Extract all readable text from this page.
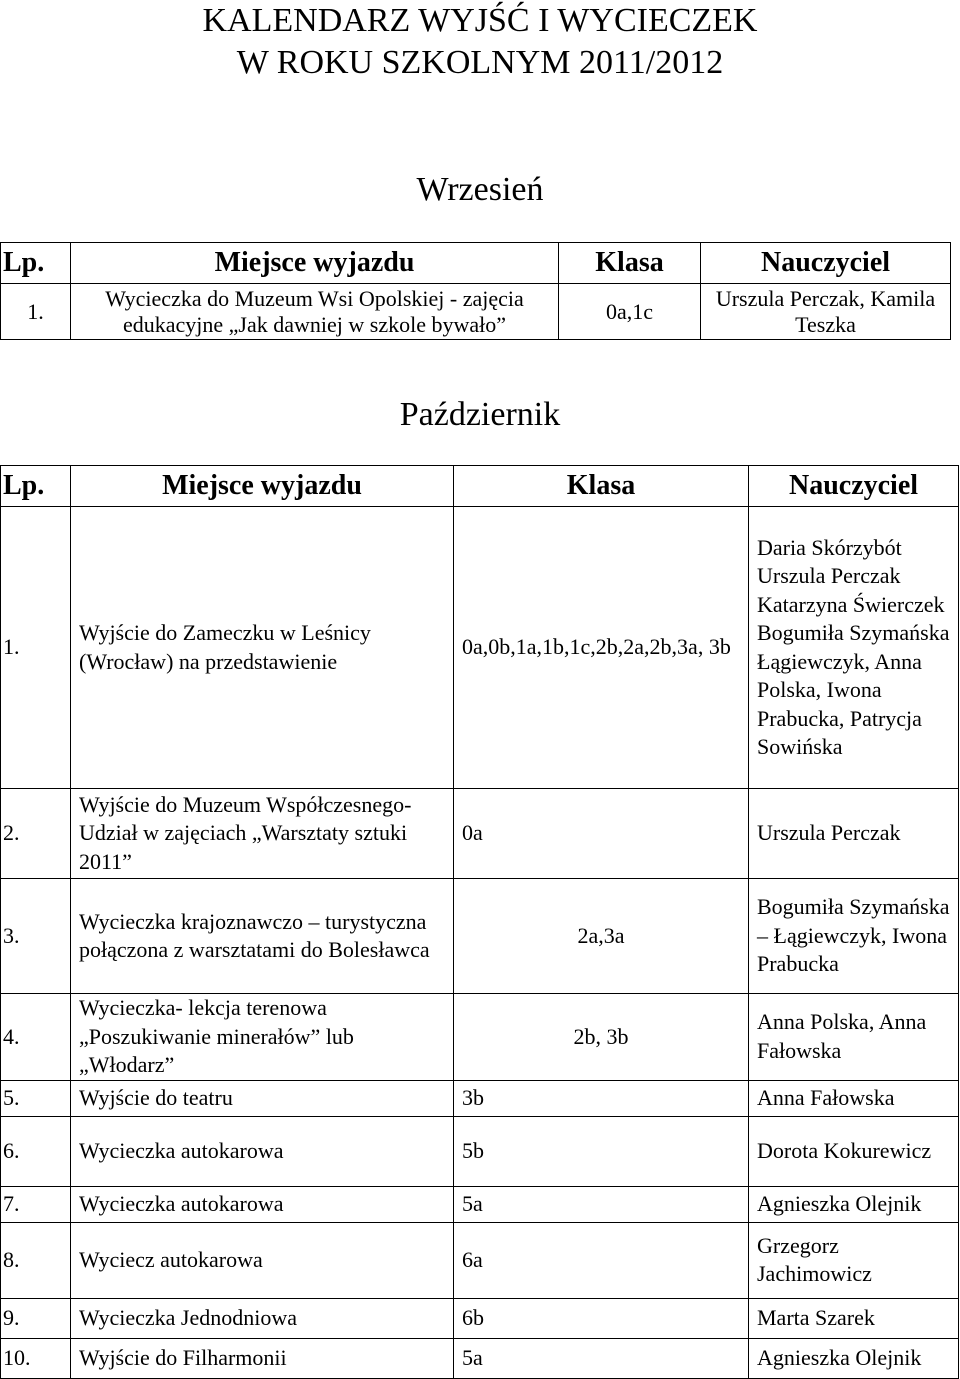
KALENDARZ WYJŚĆ I WYCIECZEK
W ROKU SZKOLNYM 2011/2012
Wrzesień
Lp.	Miejsce wyjazdu	Klasa	Nauczyciel
1.	Wycieczka do Muzeum Wsi Opolskiej - zajęcia edukacyjne „Jak dawniej w szkole bywało”	0a,1c	Urszula Perczak, Kamila Teszka
Październik
Lp.	Miejsce wyjazdu	Klasa	Nauczyciel
1.	Wyjście do Zameczku w Leśnicy (Wrocław) na przedstawienie	0a,0b,1a,1b,1c,2b,2a,2b,3a, 3b	Daria Skórzybót Urszula Perczak Katarzyna Świerczek Bogumiła Szymańska Łągiewczyk, Anna Polska, Iwona Prabucka, Patrycja Sowińska
2.	Wyjście do Muzeum Współczesnego- Udział w zajęciach „Warsztaty sztuki 2011”	0a	Urszula Perczak
3.	Wycieczka krajoznawczo – turystyczna połączona z warsztatami do Bolesławca	2a,3a	Bogumiła Szymańska – Łągiewczyk, Iwona Prabucka
4.	Wycieczka- lekcja terenowa „Poszukiwanie minerałów” lub „Włodarz”	2b, 3b	Anna Polska, Anna Fałowska
5.	Wyjście do teatru	3b	Anna Fałowska
6.	Wycieczka autokarowa	5b	Dorota Kokurewicz
7.	Wycieczka autokarowa	5a	Agnieszka Olejnik
8.	Wyciecz autokarowa	6a	Grzegorz Jachimowicz
9.	Wycieczka Jednodniowa	6b	Marta Szarek
10.	Wyjście do Filharmonii	5a	Agnieszka Olejnik
